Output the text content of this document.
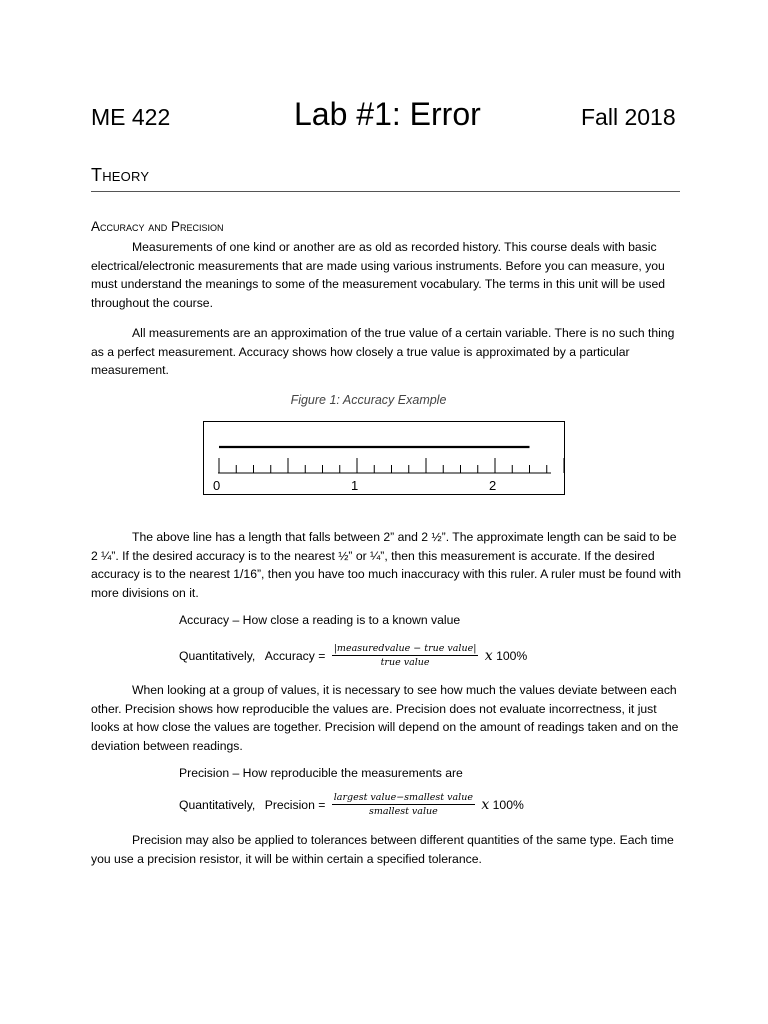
ME 422	Lab #1: Error	Fall 2018
Theory
Accuracy and Precision

Measurements of one kind or another are as old as recorded history. This course deals with basic electrical/electronic measurements that are made using various instruments. Before you can measure, you must understand the meanings to some of the measurement vocabulary. The terms in this unit will be used throughout the course.

All measurements are an approximation of the true value of a certain variable. There is no such thing as a perfect measurement. Accuracy shows how closely a true value is approximated by a particular measurement.

Figure 1: Accuracy Example
0	1	2

The above line has a length that falls between 2” and 2 ½”. The approximate length can be said to be 2 ¼”. If the desired accuracy is to the nearest ½” or ¼”, then this measurement is accurate. If the desired accuracy is to the nearest 1/16”, then you have too much inaccuracy with this ruler. A ruler must be found with more divisions on it.

Accuracy – How close a reading is to a known value
Quantitatively, Accuracy = $\frac{\text{|measuredvalue − true value|}}{\text{true value}}$ x 100%

When looking at a group of values, it is necessary to see how much the values deviate between each other. Precision shows how reproducible the values are. Precision does not evaluate incorrectness, it just looks at how close the values are together. Precision will depend on the amount of readings taken and on the deviation between readings.

Precision – How reproducible the measurements are
Quantitatively, Precision = $\frac{\text{largest value−smallest value}}{\text{smallest value}}$ x 100%

Precision may also be applied to tolerances between different quantities of the same type. Each time you use a precision resistor, it will be within certain a specified tolerance.
